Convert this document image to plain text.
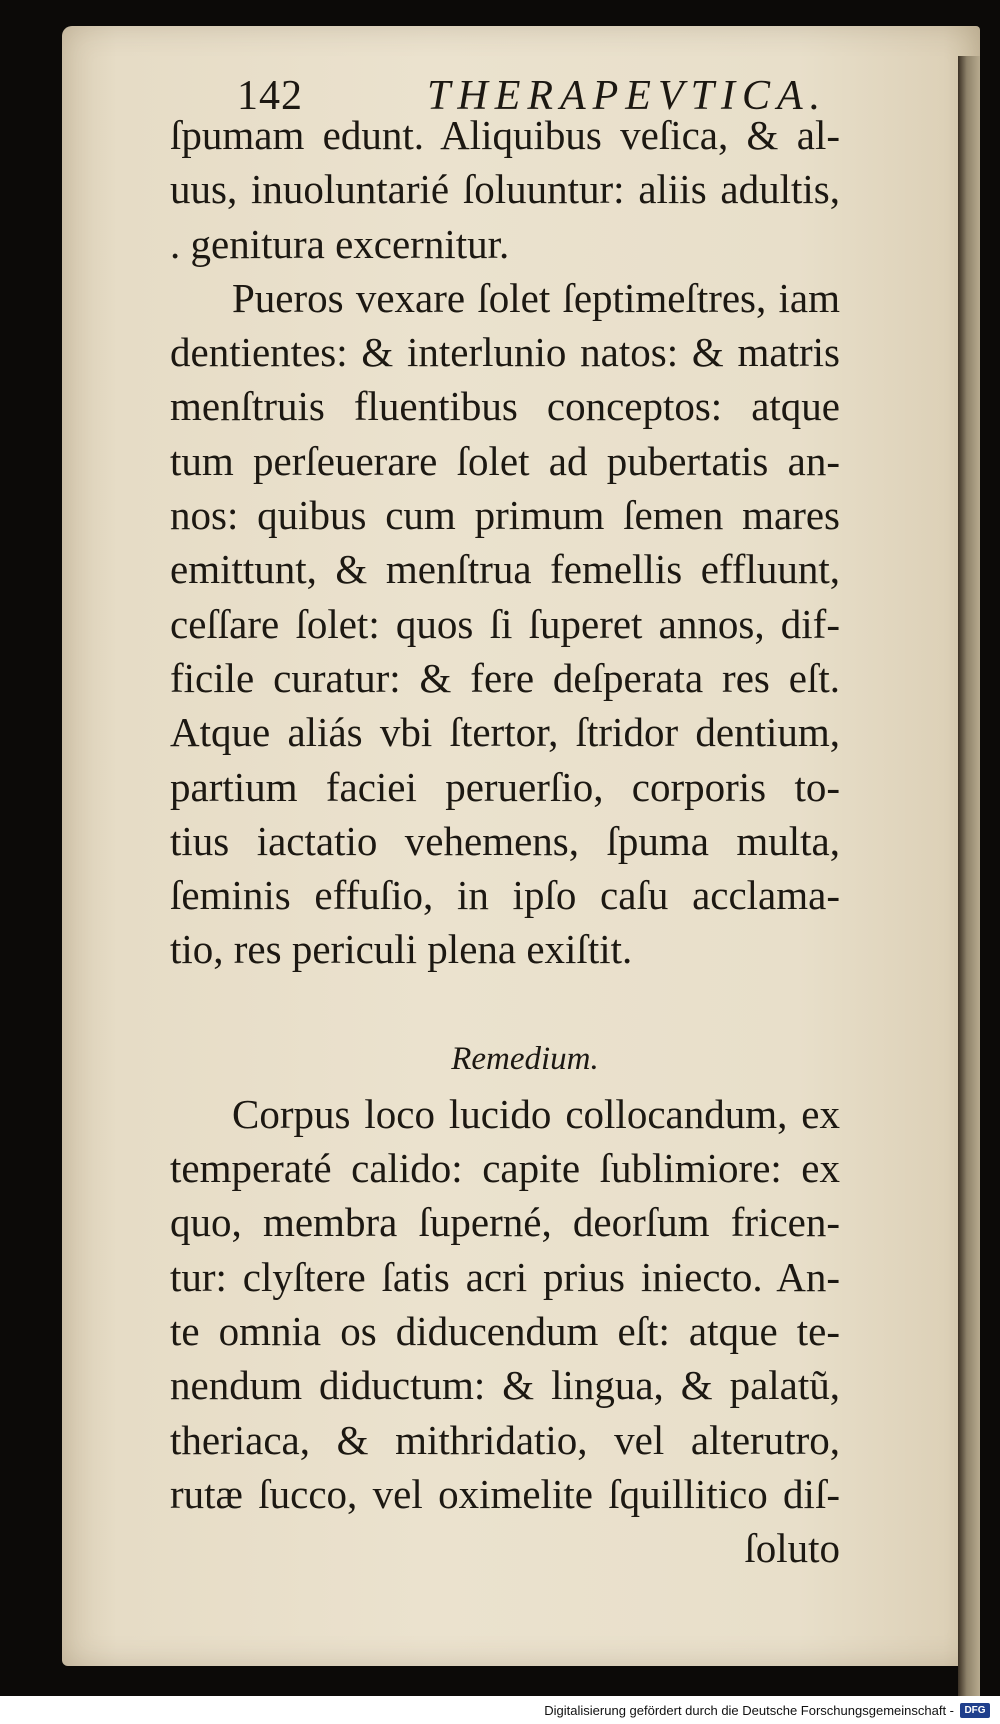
142	THERAPEVTICA.
ſpumam edunt. Aliquibus veſica, & al-
uus, inuoluntarié ſoluuntur: aliis adultis,
. genitura excernitur.
Pueros vexare ſolet ſeptimeſtres, iam
dentientes: & interlunio natos: & matris
menſtruis fluentibus conceptos: atque
tum perſeuerare ſolet ad pubertatis an-
nos: quibus cum primum ſemen mares
emittunt, & menſtrua femellis effluunt,
ceſſare ſolet: quos ſi ſuperet annos, dif-
ficile curatur: & fere deſperata res eſt.
Atque aliás vbi ſtertor, ſtridor dentium,
partium faciei peruerſio, corporis to-
tius iactatio vehemens, ſpuma multa,
ſeminis effuſio, in ipſo caſu acclama-
tio, res periculi plena exiſtit.
Remedium.
Corpus loco lucido collocandum, ex
temperaté calido: capite ſublimiore: ex
quo, membra ſuperné, deorſum fricen-
tur: clyſtere ſatis acri prius iniecto. An-
te omnia os diducendum eſt: atque te-
nendum diductum: & lingua, & palatũ,
theriaca, & mithridatio, vel alterutro,
rutæ ſucco, vel oximelite ſquillitico diſ-
ſoluto
Digitalisierung gefördert durch die Deutsche Forschungsgemeinschaft -	DFG
